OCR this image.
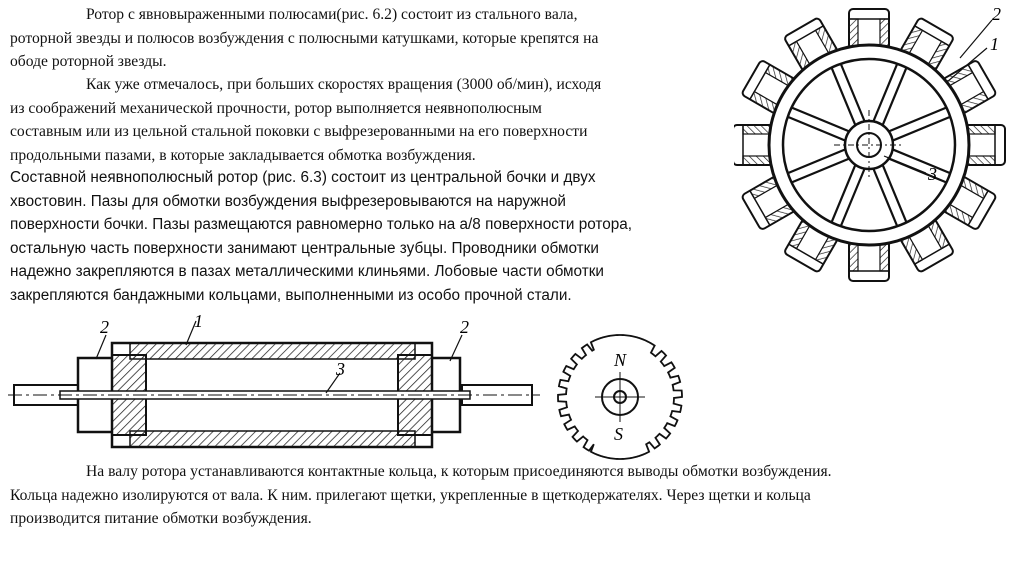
Ротор с явновыраженными полюсами(рис. 6.2) состоит из стального вала,
роторной звезды и полюсов возбуждения с полюсными катушками, которые крепятся на
ободе роторной звезды.
Как уже отмечалось, при больших скоростях вращения (3000 об/мин), исходя
из соображений механической прочности, ротор выполняется неявнополюсным
составным или из цельной стальной поковки с выфрезерованными на его поверхности
продольными пазами, в которые закладывается обмотка возбуждения.
Составной неявнополюсный ротор (рис. 6.3) состоит из центральной бочки и двух
хвостовин. Пазы для обмотки возбуждения выфрезеровываются на наружной
поверхности бочки. Пазы размещаются равномерно только на а/8 поверхности ротора,
остальную часть поверхности занимают центральные зубцы. Проводники обмотки
надежно закрепляются в пазах металлическими клиньями. Лобовые части обмотки
закрепляются бандажными кольцами, выполненными из особо прочной стали.
На валу ротора устанавливаются контактные кольца, к которым присоединяются выводы обмотки возбуждения.
Кольца надежно изолируются от вала. К ним. прилегают щетки, укрепленные в щеткодержателях. Через щетки и кольца
производится питание обмотки возбуждения.
2
1
3
2	1	2
3	N
S
